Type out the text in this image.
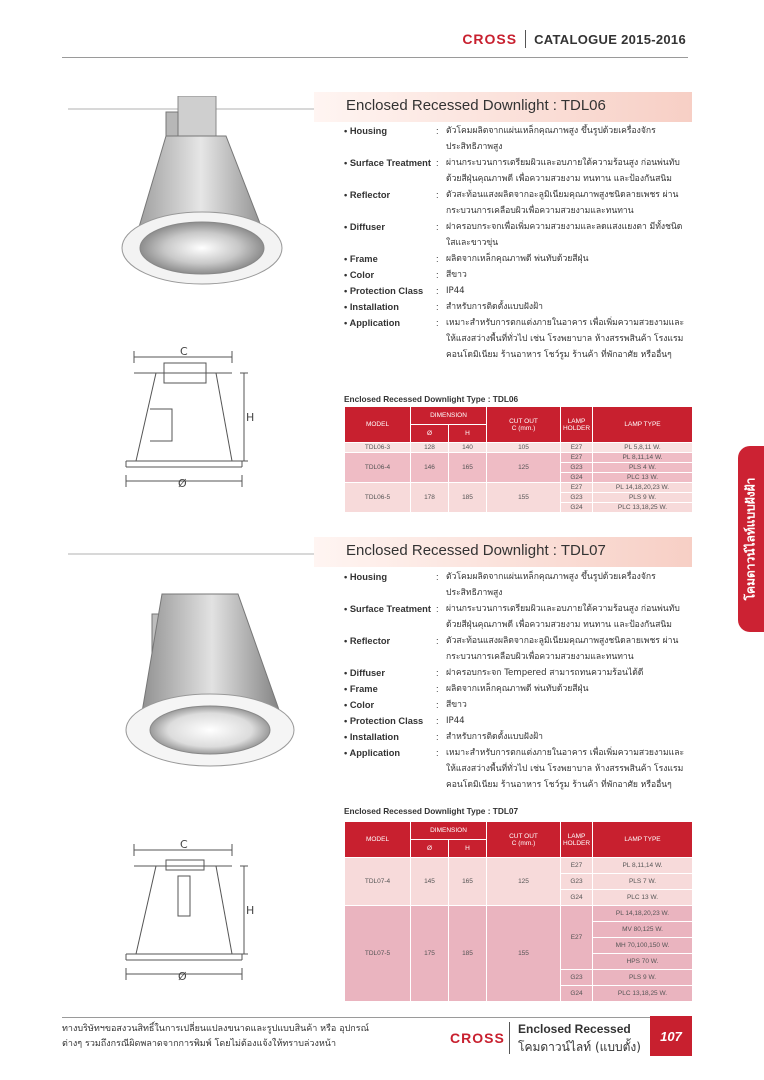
CROSS CATALOGUE 2015-2016
โคมดาวน์ไลท์แบบฝังฝ้า
Enclosed Recessed Downlight : TDL06
C
H
Ø
• Housing	: ตัวโคมผลิตจากแผ่นเหล็กคุณภาพสูง ขึ้นรูปด้วยเครื่องจักรประสิทธิภาพสูง
• Surface Treatment : ผ่านกระบวนการเตรียมผิวและอบภายใต้ความร้อนสูง ก่อนพ่นทับด้วยสีฝุ่นคุณภาพดี เพื่อความสวยงาม ทนทาน และป้องกันสนิม
• Reflector	: ตัวสะท้อนแสงผลิตจากอะลูมิเนียมคุณภาพสูงชนิดลายเพชร ผ่านกระบวนการเคลือบผิวเพื่อความสวยงามและทนทาน
• Diffuser	: ฝาครอบกระจกเพื่อเพิ่มความสวยงามและลดแสงแยงตา มีทั้งชนิดใสและขาวขุ่น
• Frame	: ผลิตจากเหล็กคุณภาพดี พ่นทับด้วยสีฝุ่น
• Color	: สีขาว
• Protection Class	: IP44
• Installation	: สำหรับการติดตั้งแบบฝังฝ้า
• Application	: เหมาะสำหรับการตกแต่งภายในอาคาร เพื่อเพิ่มความสวยงามและให้แสงสว่างพื้นที่ทั่วไป เช่น โรงพยาบาล ห้างสรรพสินค้า โรงแรม คอนโดมิเนียม ร้านอาหาร โชว์รูม ร้านค้า ที่พักอาศัย หรืออื่นๆ
Enclosed Recessed Downlight Type : TDL06
MODEL	DIMENSION		CUT OUT
C (mm.)	LAMP
HOLDER	LAMP TYPE
	Ø	H			
TDL06-3	128	140	105	E27	PL 5,8,11 W.
TDL06-4	146	165	125	E27	PL 8,11,14 W.
				G23	PLS 4 W.
				G24	PLC 13 W.
TDL06-5	178	185	155	E27	PL 14,18,20,23 W.
				G23	PLS 9 W.
				G24	PLC 13,18,25 W.
Enclosed Recessed Downlight : TDL07
C
H
Ø
• Housing	: ตัวโคมผลิตจากแผ่นเหล็กคุณภาพสูง ขึ้นรูปด้วยเครื่องจักรประสิทธิภาพสูง
• Surface Treatment : ผ่านกระบวนการเตรียมผิวและอบภายใต้ความร้อนสูง ก่อนพ่นทับด้วยสีฝุ่นคุณภาพดี เพื่อความสวยงาม ทนทาน และป้องกันสนิม
• Reflector	: ตัวสะท้อนแสงผลิตจากอะลูมิเนียมคุณภาพสูงชนิดลายเพชร ผ่านกระบวนการเคลือบผิวเพื่อความสวยงามและทนทาน
• Diffuser	: ฝาครอบกระจก Tempered สามารถทนความร้อนได้ดี
• Frame	: ผลิตจากเหล็กคุณภาพดี พ่นทับด้วยสีฝุ่น
• Color	: สีขาว
• Protection Class	: IP44
• Installation	: สำหรับการติดตั้งแบบฝังฝ้า
• Application	: เหมาะสำหรับการตกแต่งภายในอาคาร เพื่อเพิ่มความสวยงามและให้แสงสว่างพื้นที่ทั่วไป เช่น โรงพยาบาล ห้างสรรพสินค้า โรงแรม คอนโดมิเนียม ร้านอาหาร โชว์รูม ร้านค้า ที่พักอาศัย หรืออื่นๆ
Enclosed Recessed Downlight Type : TDL07
MODEL	DIMENSION		CUT OUT
C (mm.)	LAMP
HOLDER	LAMP TYPE
	Ø	H			
TDL07-4	145	165	125	E27	PL 8,11,14 W.
				G23	PLS 7 W.
				G24	PLC 13 W.
TDL07-5	175	185	155	E27	PL 14,18,20,23 W.
					MV 80,125 W.
					MH 70,100,150 W.
					HPS 70 W.
				G23	PLS 9 W.
				G24	PLC 13,18,25 W.
ทางบริษัทฯขอสงวนสิทธิ์ในการเปลี่ยนแปลงขนาดและรูปแบบสินค้า หรือ อุปกรณ์
ต่างๆ รวมถึงกรณีผิดพลาดจากการพิมพ์ โดยไม่ต้องแจ้งให้ทราบล่วงหน้า	CROSS
Enclosed Recessed
โคมดาวน์ไลท์ (แบบตั้ง)
107
